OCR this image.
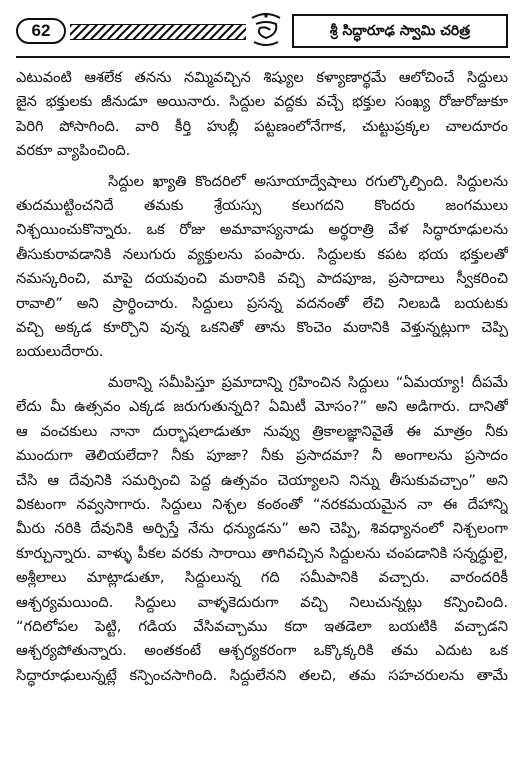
62	శ్రీ సిద్ధారూఢ స్వామి చరిత్ర

ఎటువంటి ఆశలేక తనను నమ్మివచ్చిన శిష్యుల కళ్యాణార్థమే ఆలోచించే సిద్దులు
జైన భక్తులకు జీనుడూ అయినారు. సిద్దుల వద్దకు వచ్చే భక్తుల సంఖ్య రోజురోజుకూ
పెరిగి పోసాగింది. వారి కీర్తి హుబ్లీ పట్టణంలోనేగాక, చుట్టుప్రక్కల చాలదూరం
వరకూ వ్యాపించింది.

సిద్దుల ఖ్యాతి కొందరిలో అసూయాద్వేషాలు రగుల్కొల్పింది. సిద్దులను
తుదముట్టించనిదే తమకు శ్రేయస్సు కలుగదని కొందరు జంగములు
నిశ్చయించుకొన్నారు. ఒక రోజు అమావాస్యనాడు అర్థరాత్రి వేళ సిద్ధారూఢులను
తీసుకురావడానికి నలుగురు వ్యక్తులను పంపారు. సిద్దులకు కపట భయ భక్తులతో
నమస్కరించి, మాపై దయవుంచి మఠానికి వచ్చి పాదపూజ, ప్రసాదాలు స్వీకరించి
రావాలి” అని ప్రార్థించారు. సిద్దులు ప్రసన్న వదనంతో లేచి నిలబడి బయటకు
వచ్చి అక్కడ కూర్చొని వున్న ఒకనితో తాను కొంచెం మఠానికి వెళ్తున్నట్లుగా చెప్పి
బయలుదేరారు.

మఠాన్ని సమీపిస్తూ ప్రమాదాన్ని గ్రహించిన సిద్దులు “ఏమయ్యా! దీపమే
లేదు మీ ఉత్సవం ఎక్కడ జరుగుతున్నది? ఏమిటీ మోసం?” అని అడిగారు. దానితో
ఆ వంచకులు నానా దుర్భాషలాడుతూ నువ్వు త్రికాలజ్ఞానివైతే ఈ మాత్రం నీకు
ముందుగా తెలియలేదా? నీకు పూజా? నీకు ప్రసాదమా? నీ అంగాలను ప్రసాదం
చేసి ఆ దేవునికి సమర్పించి పెద్ద ఉత్సవం చెయ్యాలని నిన్ను తీసుకువచ్చాం” అని
వికటంగా నవ్వసాగారు. సిద్దులు నిశ్చల కంఠంతో “నరకమయమైన నా ఈ దేహాన్ని
మీరు నరికి దేవునికి అర్పిస్తే నేను ధన్యుడను” అని చెప్పి, శివధ్యానంలో నిశ్చలంగా
కూర్చున్నారు. వాళ్ళు పీకల వరకు సారాయి తాగివచ్చిన సిద్దులను చంపడానికి సన్నద్ధులై,
అశ్లీలాలు మాట్లాడుతూ, సిద్దులున్న గది సమీపానికి వచ్చారు. వారందరికీ
ఆశ్చర్యమయింది. సిద్దులు వాళ్ళకెదురుగా వచ్చి నిలుచున్నట్లు కన్పించింది.
“గదిలోపల పెట్టి, గడియ వేసివచ్చాము కదా ఇతడెలా బయటికి వచ్చాడని
ఆశ్చర్యపోతున్నారు. అంతకంటే ఆశ్చర్యకరంగా ఒక్కొక్కరికి తమ ఎదుట ఒక
సిద్ధారూఢులున్నట్లే కన్పించసాగింది. సిద్దులేనని తలచి, తమ సహచరులను తామే
